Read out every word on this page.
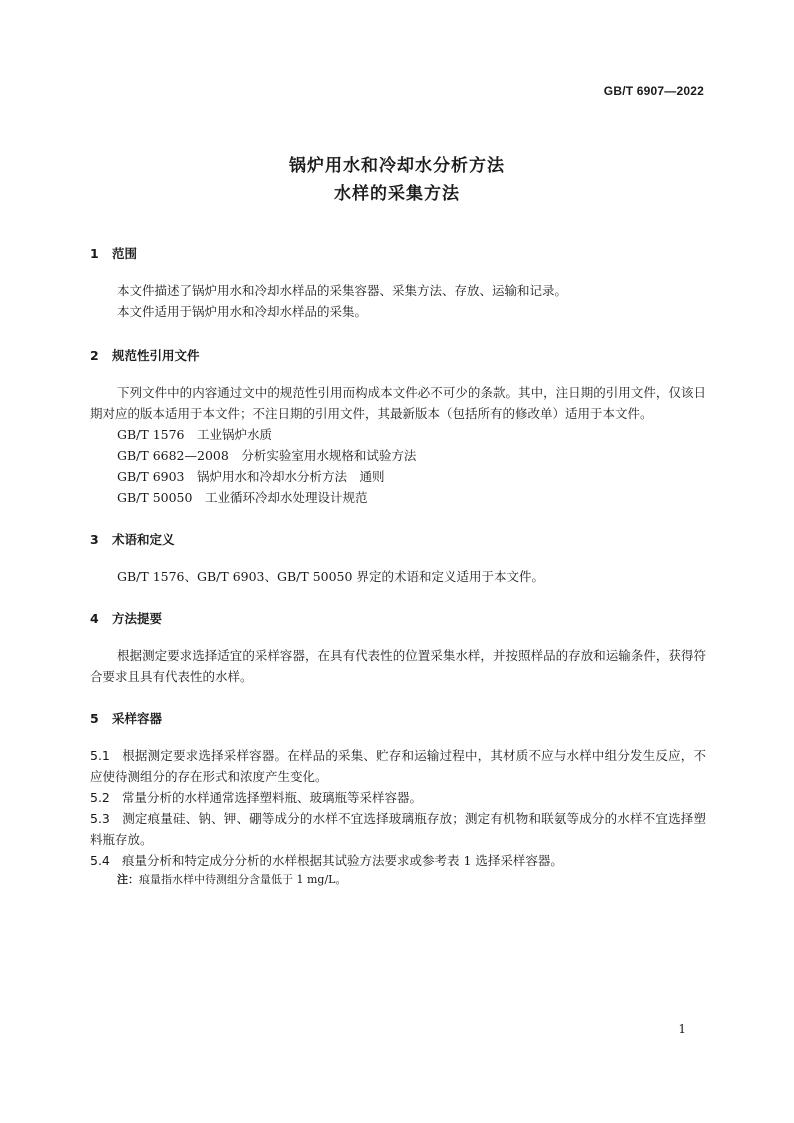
GB/T 6907—2022
锅炉用水和冷却水分析方法
水样的采集方法
1 范围

本文件描述了锅炉用水和冷却水样品的采集容器、采集方法、存放、运输和记录。

本文件适用于锅炉用水和冷却水样品的采集。

2 规范性引用文件

下列文件中的内容通过文中的规范性引用而构成本文件必不可少的条款。其中，注日期的引用文件，仅该日期对应的版本适用于本文件；不注日期的引用文件，其最新版本（包括所有的修改单）适用于本文件。

GB/T 1576　工业锅炉水质

GB/T 6682—2008　分析实验室用水规格和试验方法

GB/T 6903　锅炉用水和冷却水分析方法　通则

GB/T 50050　工业循环冷却水处理设计规范

3 术语和定义

GB/T 1576、GB/T 6903、GB/T 50050 界定的术语和定义适用于本文件。

4 方法提要

根据测定要求选择适宜的采样容器，在具有代表性的位置采集水样，并按照样品的存放和运输条件，获得符合要求且具有代表性的水样。

5 采样容器

5.1 根据测定要求选择采样容器。在样品的采集、贮存和运输过程中，其材质不应与水样中组分发生反应，不应使待测组分的存在形式和浓度产生变化。

5.2 常量分析的水样通常选择塑料瓶、玻璃瓶等采样容器。

5.3 测定痕量硅、钠、钾、硼等成分的水样不宜选择玻璃瓶存放；测定有机物和联氨等成分的水样不宜选择塑料瓶存放。

5.4 痕量分析和特定成分分析的水样根据其试验方法要求或参考表 1 选择采样容器。

注：痕量指水样中待测组分含量低于 1 mg/L。

1
